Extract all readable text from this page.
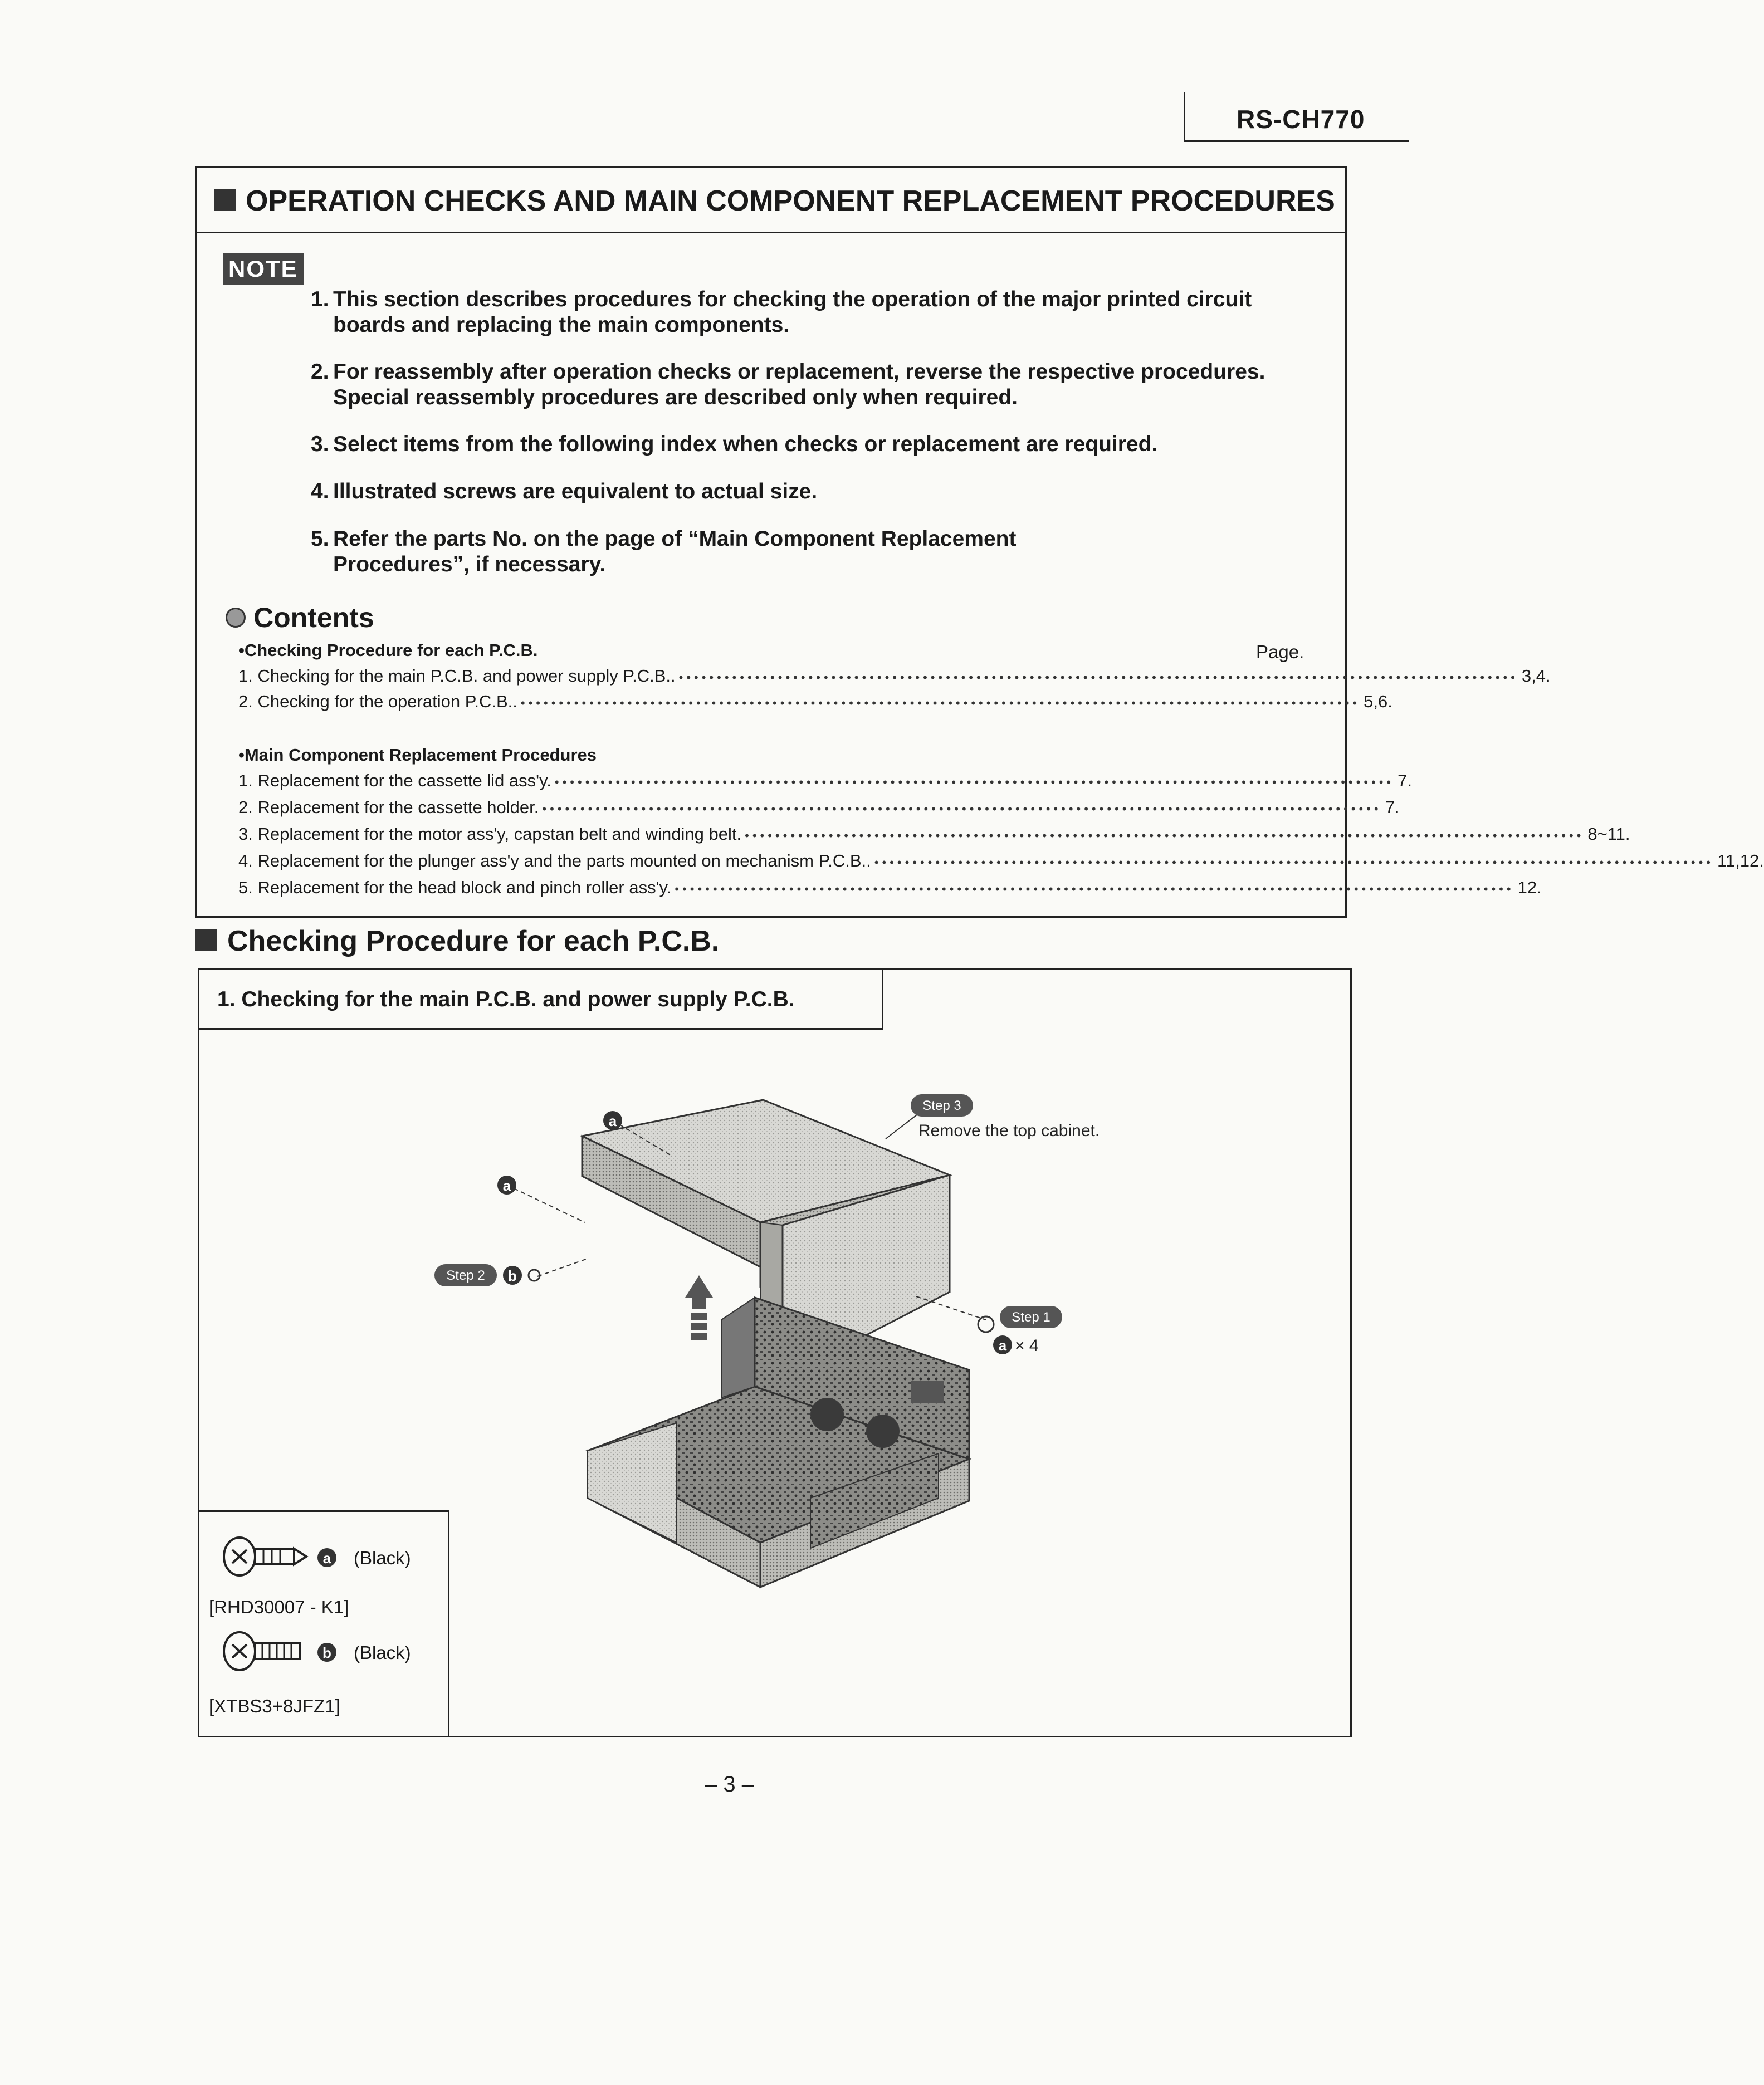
RS-CH770
OPERATION CHECKS AND MAIN COMPONENT REPLACEMENT PROCEDURES
NOTE
1. This section describes procedures for checking the operation of the major printed circuit boards and replacing the main components.
2. For reassembly after operation checks or replacement, reverse the respective procedures. Special reassembly procedures are described only when required.
3. Select items from the following index when checks or replacement are required.
4. Illustrated screws are equivalent to actual size.
5. Refer the parts No. on the page of “Main Component Replacement Procedures”, if necessary.
Contents
•Checking Procedure for each P.C.B.	Page.
1. Checking for the main P.C.B. and power supply P.C.B.. •••••••••••••••••••••••••••••••••••••••••••••••••••••••••••••••••••••••••••••••••••••••••••••••••••••••••••••• 3,4.
2. Checking for the operation P.C.B.. •••••••••••••••••••••••••••••••••••••••••••••••••••••••••••••••••••••••••••••••••••••••••••••••••••••••••••••• 5,6.
•Main Component Replacement Procedures
1. Replacement for the cassette lid ass'y. •••••••••••••••••••••••••••••••••••••••••••••••••••••••••••••••••••••••••••••••••••••••••••••••••••••••••••••• 7.
2. Replacement for the cassette holder. •••••••••••••••••••••••••••••••••••••••••••••••••••••••••••••••••••••••••••••••••••••••••••••••••••••••••••••• 7.
3. Replacement for the motor ass'y, capstan belt and winding belt. •••••••••••••••••••••••••••••••••••••••••••••••••••••••••••••••••••••••••••••••••••••••••••••••••••••••••••••• 8~11.
4. Replacement for the plunger ass'y and the parts mounted on mechanism P.C.B.. •••••••••••••••••••••••••••••••••••••••••••••••••••••••••••••••••••••••••••••••••••••••••••••••••••••••••••••• 11,12.
5. Replacement for the head block and pinch roller ass'y. •••••••••••••••••••••••••••••••••••••••••••••••••••••••••••••••••••••••••••••••••••••••••••••••••••••••••••••• 12.
Checking Procedure for each P.C.B.
1. Checking for the main P.C.B. and power supply P.C.B.
a
a
Step 3
Remove the top cabinet.
Step 2 b
Step 1
a × 4
a (Black)
[RHD30007 - K1]
b (Black)
[XTBS3+8JFZ1]
– 3 –
